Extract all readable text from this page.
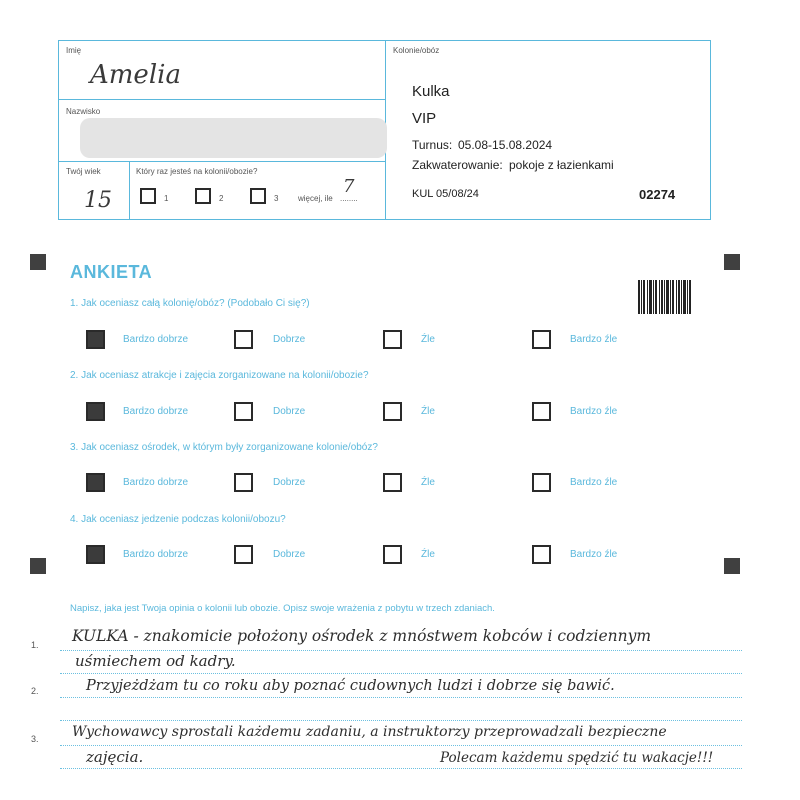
Imię
Amelia
Nazwisko
Twój wiek
15
Który raz jesteś na kolonii/obozie?
1	2	3 więcej, ile ........
7
Kolonie/obóz
Kulka
VIP
Turnus: 05.08-15.08.2024
Zakwaterowanie: pokoje z łazienkami
KUL 05/08/24	02274
ANKIETA
1. Jak oceniasz całą kolonię/obóz? (Podobało Ci się?)
Bardzo dobrze	Dobrze	Źle	Bardzo źle
2. Jak oceniasz atrakcje i zajęcia zorganizowane na kolonii/obozie?
Bardzo dobrze	Dobrze	Źle	Bardzo źle
3. Jak oceniasz ośrodek, w którym były zorganizowane kolonie/obóz?
Bardzo dobrze	Dobrze	Źle	Bardzo źle
4. Jak oceniasz jedzenie podczas kolonii/obozu?
Bardzo dobrze	Dobrze	Źle	Bardzo źle
Napisz, jaka jest Twoja opinia o kolonii lub obozie. Opisz swoje wrażenia z pobytu w trzech zdaniach.
1.
2.
3.
KULKA - znakomicie położony ośrodek z mnóstwem kobców i codziennym
uśmiechem od kadry.
Przyjeżdżam tu co roku aby poznać cudownych ludzi i dobrze się bawić.
Wychowawcy sprostali każdemu zadaniu, a instruktorzy przeprowadzali bezpieczne
zajęcia.	Polecam każdemu spędzić tu wakacje!!!
